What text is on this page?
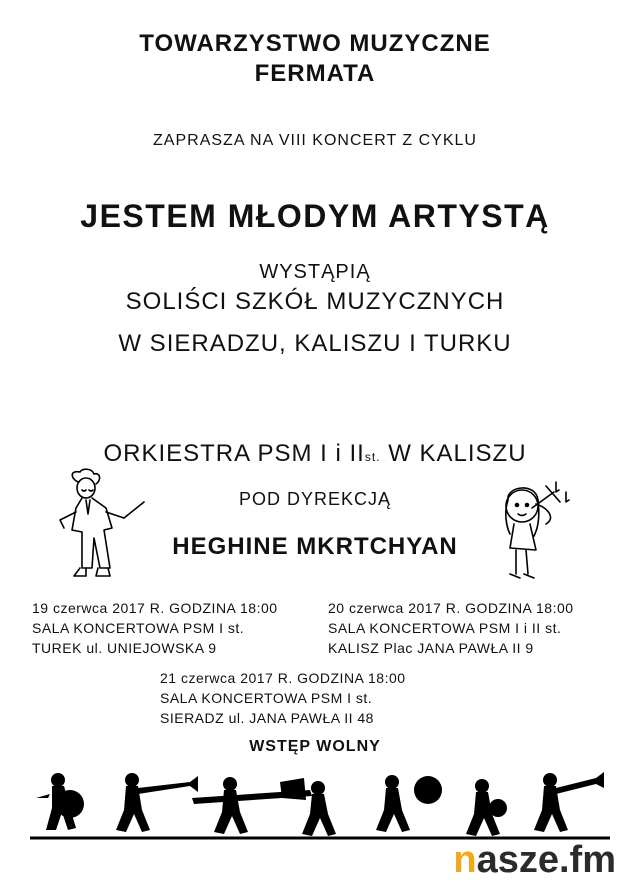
TOWARZYSTWO MUZYCZNE
FERMATA
ZAPRASZA NA VIII KONCERT Z CYKLU
JESTEM MŁODYM ARTYSTĄ
WYSTĄPIĄ
SOLIŚCI SZKÓŁ MUZYCZNYCH
W SIERADZU, KALISZU I TURKU
ORKIESTRA PSM I i IIst. W KALISZU
POD DYREKCJĄ
HEGHINE MKRTCHYAN
19 czerwca 2017 R. GODZINA 18:00
SALA KONCERTOWA PSM I st.
TUREK ul. UNIEJOWSKA 9
20 czerwca 2017 R. GODZINA 18:00
SALA KONCERTOWA PSM I i II st.
KALISZ Plac JANA PAWŁA II 9
21 czerwca 2017 R. GODZINA 18:00
SALA KONCERTOWA PSM I st.
SIERADZ ul. JANA PAWŁA II 48
WSTĘP WOLNY
nasze.fm
